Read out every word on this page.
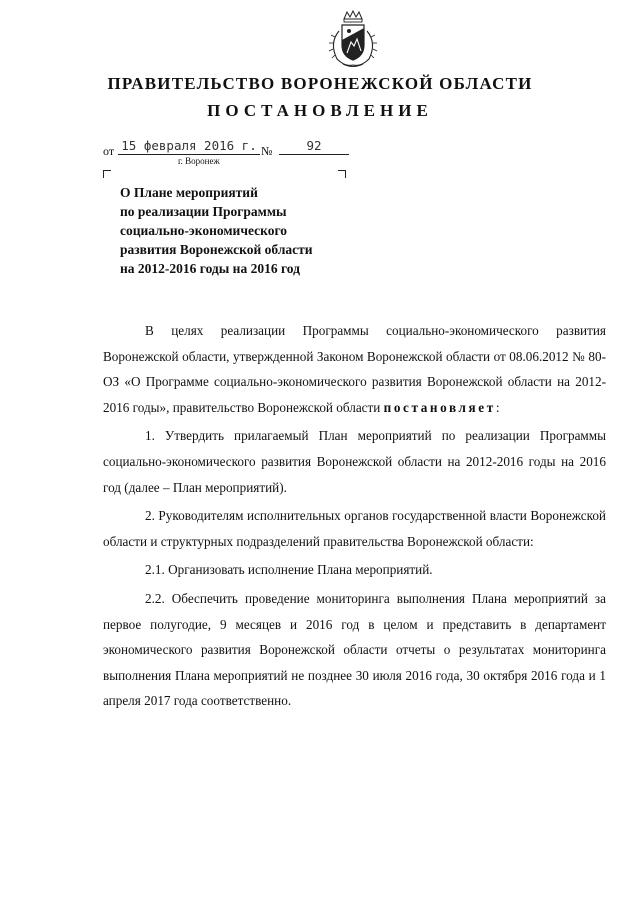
ПРАВИТЕЛЬСТВО ВОРОНЕЖСКОЙ ОБЛАСТИ
ПОСТАНОВЛЕНИЕ
от 15 февраля 2016 г. №	92
г. Воронеж
О Плане мероприятий
по реализации Программы
социально-экономического
развития Воронежской области
на 2012-2016 годы на 2016 год

В целях реализации Программы социально-экономического развития Воронежской области, утвержденной Законом Воронежской области от 08.06.2012 № 80-ОЗ «О Программе социально-экономического развития Воронежской области на 2012-2016 годы», правительство Воронежской области постановляет:

1. Утвердить прилагаемый План мероприятий по реализации Программы социально-экономического развития Воронежской области на 2012-2016 годы на 2016 год (далее – План мероприятий).

2. Руководителям исполнительных органов государственной власти Воронежской области и структурных подразделений правительства Воронежской области:

2.1. Организовать исполнение Плана мероприятий.

2.2. Обеспечить проведение мониторинга выполнения Плана мероприятий за первое полугодие, 9 месяцев и 2016 год в целом и представить в департамент экономического развития Воронежской области отчеты о результатах мониторинга выполнения Плана мероприятий не позднее 30 июля 2016 года, 30 октября 2016 года и 1 апреля 2017 года соответственно.
